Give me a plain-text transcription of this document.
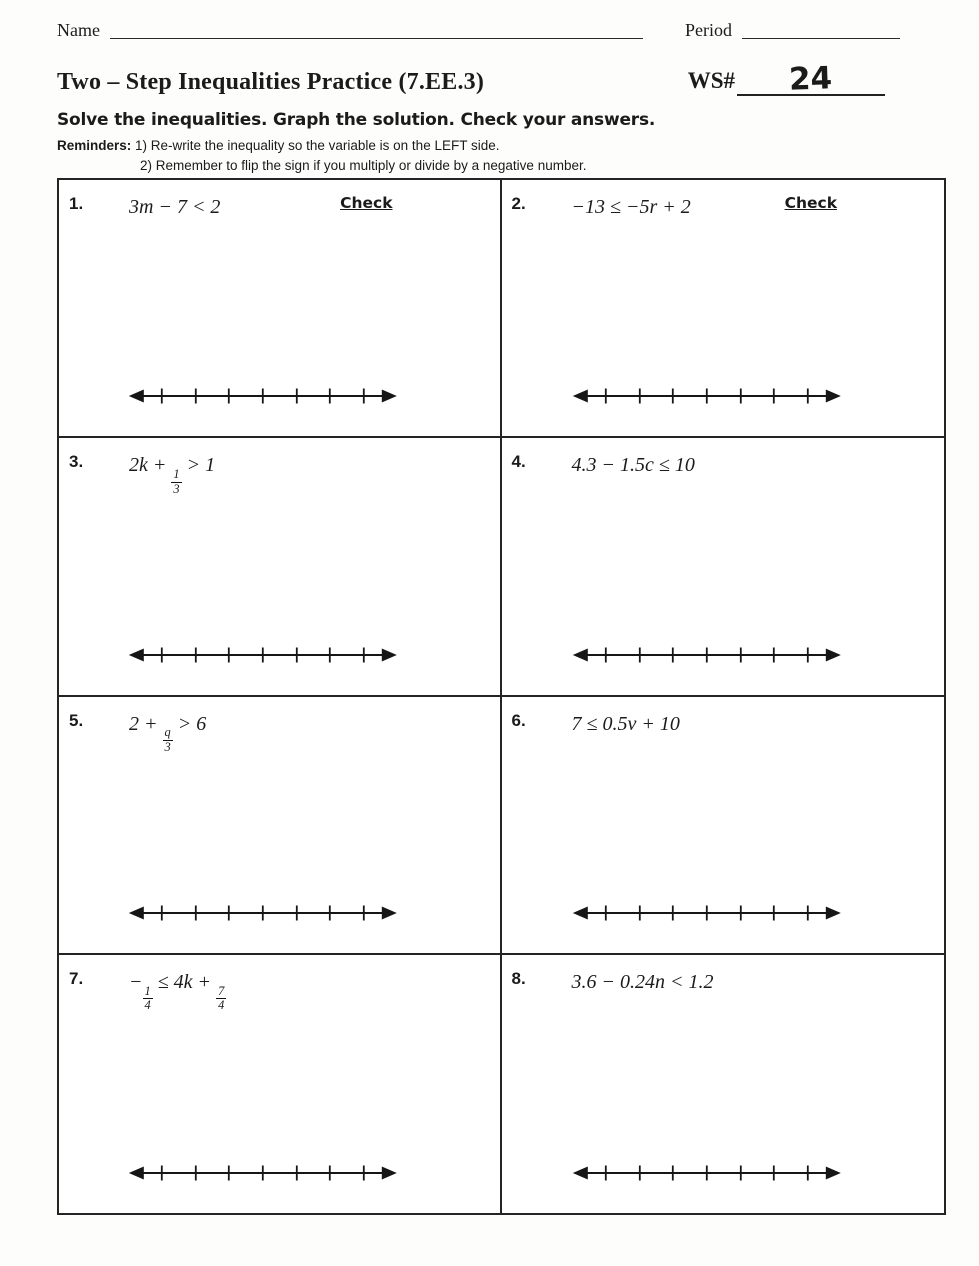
Name	Period
Two – Step Inequalities Practice (7.EE.3)	WS#	24
Solve the inequalities. Graph the solution. Check your answers.
Reminders: 1) Re-write the inequality so the variable is on the LEFT side.
2) Remember to flip the sign if you multiply or divide by a negative number.
1.	3m − 7 < 2	Check	2.	−13 ≤ −5r + 2	Check
3.	2k +
$\frac{1}{3}$
> 1	4.	4.3 − 1.5c ≤ 10
5.	2 +
$\frac{q}{3}$
> 6	6.	7 ≤ 0.5v + 10
7.	−
$\frac{1}{4}$
≤ 4k +
$\frac{7}{4}$
8.	3.6 − 0.24n < 1.2
